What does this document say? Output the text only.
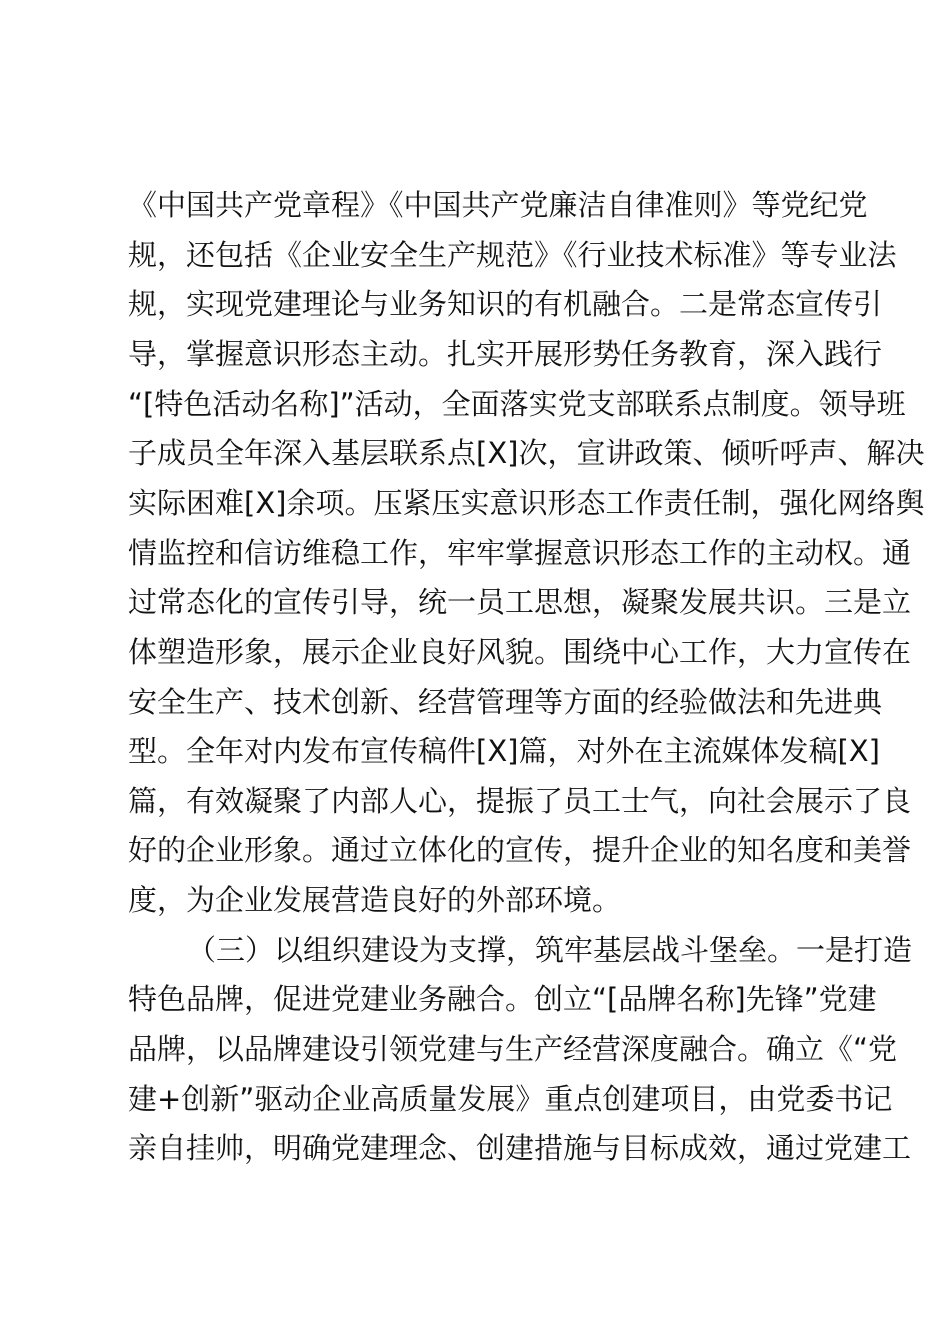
《中国共产党章程》《中国共产党廉洁自律准则》等党纪党
规，还包括《企业安全生产规范》《行业技术标准》等专业法
规，实现党建理论与业务知识的有机融合。二是常态宣传引
导，掌握意识形态主动。扎实开展形势任务教育，深入践行
“[特色活动名称]”活动，全面落实党支部联系点制度。领导班
子成员全年深入基层联系点[X]次，宣讲政策、倾听呼声、解决
实际困难[X]余项。压紧压实意识形态工作责任制，强化网络舆
情监控和信访维稳工作，牢牢掌握意识形态工作的主动权。通
过常态化的宣传引导，统一员工思想，凝聚发展共识。三是立
体塑造形象，展示企业良好风貌。围绕中心工作，大力宣传在
安全生产、技术创新、经营管理等方面的经验做法和先进典
型。全年对内发布宣传稿件[X]篇，对外在主流媒体发稿[X]
篇，有效凝聚了内部人心，提振了员工士气，向社会展示了良
好的企业形象。通过立体化的宣传，提升企业的知名度和美誉
度，为企业发展营造良好的外部环境。
（三）以组织建设为支撑，筑牢基层战斗堡垒。一是打造
特色品牌，促进党建业务融合。创立“[品牌名称]先锋”党建
品牌，以品牌建设引领党建与生产经营深度融合。确立《“党
建+创新”驱动企业高质量发展》重点创建项目，由党委书记
亲自挂帅，明确党建理念、创建措施与目标成效，通过党建工
